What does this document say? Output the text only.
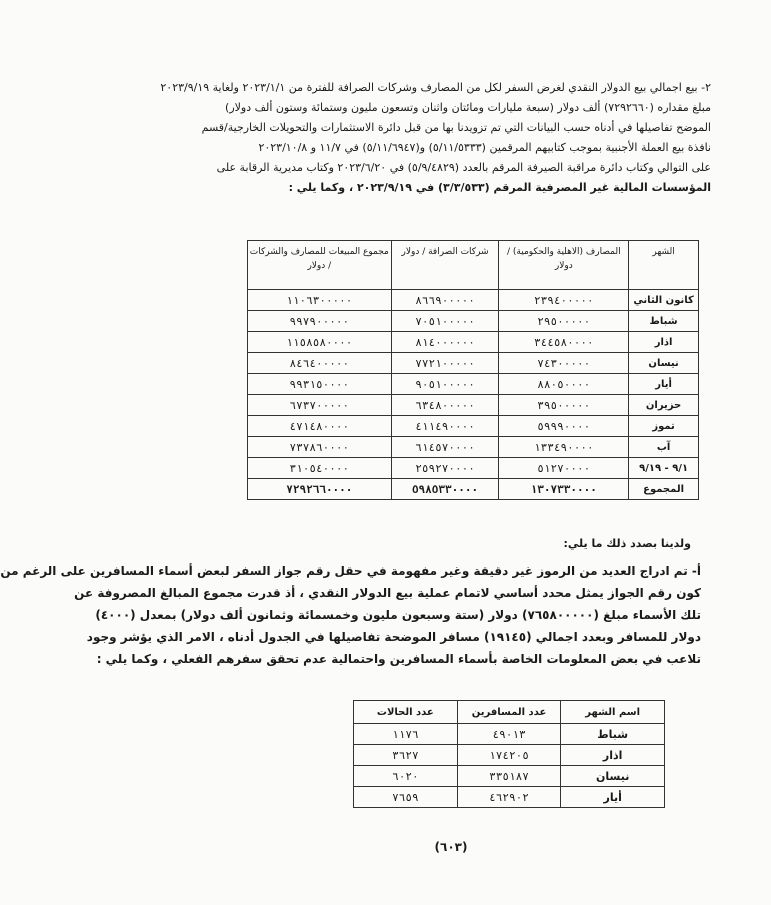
٢- بيع اجمالي بيع الدولار النقدي لغرض السفر لكل من المصارف وشركات الصرافة للفترة من ٢٠٢٣/١/١ ولغاية ٢٠٢٣/٩/١٩
مبلغ مقداره (٧٢٩٢٦٦٠) ألف دولار (سبعة مليارات ومائتان واثنان وتسعون مليون وستمائة وستون ألف دولار)
الموضح تفاصيلها في أدناه حسب البيانات التي تم تزويدنا بها من قبل دائرة الاستثمارات والتحويلات الخارجية/قسم
نافذة بيع العملة الأجنبية بموجب كتابيهم المرقمين (٥/١١/٥٣٣٣) و(٥/١١/٦٩٤٧) في ١١/٧ و ٢٠٢٣/١٠/٨
على التوالي وكتاب دائرة مراقبة الصيرفة المرقم بالعدد (٥/٩/٤٨٢٩) في ٢٠٢٣/٦/٢٠ وكتاب مديرية الرقابة على
المؤسسات المالية غير المصرفية المرقم (٣/٣/٥٣٣) في ٢٠٢٣/٩/١٩ ، وكما يلي :
الشهر	المصارف (الاهلية والحكومية) / دولار	شركات الصرافة / دولار	مجموع المبيعات للمصارف والشركات / دولار
كانون الثاني	٢٣٩٤٠٠٠٠٠	٨٦٦٩٠٠٠٠٠	١١٠٦٣٠٠٠٠٠
شباط	٢٩٥٠٠٠٠٠	٧٠٥١٠٠٠٠٠	٩٩٧٩٠٠٠٠٠
اذار	٣٤٤٥٨٠٠٠٠	٨١٤٠٠٠٠٠٠	١١٥٨٥٨٠٠٠٠
نيسان	٧٤٣٠٠٠٠٠	٧٧٢١٠٠٠٠٠	٨٤٦٤٠٠٠٠٠
أيار	٨٨٠٥٠٠٠٠	٩٠٥١٠٠٠٠٠	٩٩٣١٥٠٠٠٠
حزيران	٣٩٥٠٠٠٠٠	٦٣٤٨٠٠٠٠٠	٦٧٣٧٠٠٠٠٠
تموز	٥٩٩٩٠٠٠٠	٤١١٤٩٠٠٠٠	٤٧١٤٨٠٠٠٠
آب	١٣٣٤٩٠٠٠٠	٦١٤٥٧٠٠٠٠	٧٣٧٨٦٠٠٠٠
٩/١ - ٩/١٩	٥١٢٧٠٠٠٠	٢٥٩٢٧٠٠٠٠	٣١٠٥٤٠٠٠٠
المجموع	١٣٠٧٣٣٠٠٠٠	٥٩٨٥٣٣٠٠٠٠	٧٢٩٢٦٦٠٠٠٠
ولدينا بصدد ذلك ما يلي:
أ- تم ادراج العديد من الرموز غير دقيقة وغير مفهومة في حقل رقم جواز السفر لبعض أسماء المسافرين على الرغم من
كون رقم الجواز يمثل محدد أساسي لاتمام عملية بيع الدولار النقدي ، أذ قدرت مجموع المبالغ المصروفة عن
تلك الأسماء مبلغ (٧٦٥٨٠٠٠٠٠) دولار (ستة وسبعون مليون وخمسمائة وثمانون ألف دولار) بمعدل (٤٠٠٠)
دولار للمسافر وبعدد اجمالي (١٩١٤٥) مسافر الموضحة تفاصيلها في الجدول أدناه ، الامر الذي يؤشر وجود
تلاعب في بعض المعلومات الخاصة بأسماء المسافرين واحتمالية عدم تحقق سفرهم الفعلي ، وكما يلي :
اسم الشهر	عدد المسافرين	عدد الحالات
شباط	٤٩٠١٣	١١٧٦
اذار	١٧٤٢٠٥	٣٦٢٧
نيسان	٣٣٥١٨٧	٦٠٢٠
أيار	٤٦٢٩٠٢	٧٦٥٩
(٦٠٣)
